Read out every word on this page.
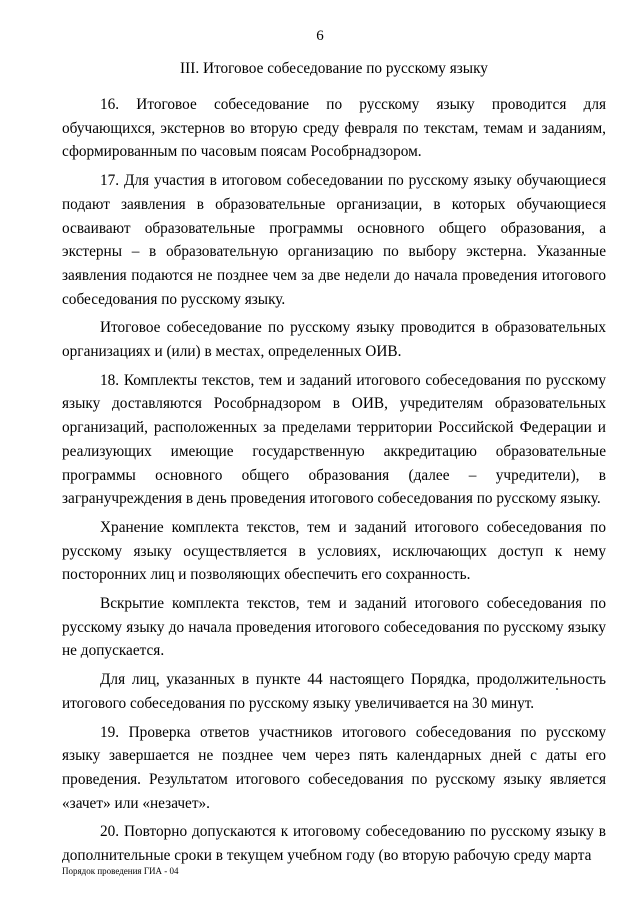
6
III. Итоговое собеседование по русскому языку

16. Итоговое собеседование по русскому языку проводится для обучающихся, экстернов во вторую среду февраля по текстам, темам и заданиям, сформированным по часовым поясам Рособрнадзором.

17. Для участия в итоговом собеседовании по русскому языку обучающиеся подают заявления в образовательные организации, в которых обучающиеся осваивают образовательные программы основного общего образования, а экстерны – в образовательную организацию по выбору экстерна. Указанные заявления подаются не позднее чем за две недели до начала проведения итогового собеседования по русскому языку.

Итоговое собеседование по русскому языку проводится в образовательных организациях и (или) в местах, определенных ОИВ.

18. Комплекты текстов, тем и заданий итогового собеседования по русскому языку доставляются Рособрнадзором в ОИВ, учредителям образовательных организаций, расположенных за пределами территории Российской Федерации и реализующих имеющие государственную аккредитацию образовательные программы основного общего образования (далее – учредители), в загранучреждения в день проведения итогового собеседования по русскому языку.

Хранение комплекта текстов, тем и заданий итогового собеседования по русскому языку осуществляется в условиях, исключающих доступ к нему посторонних лиц и позволяющих обеспечить его сохранность.

Вскрытие комплекта текстов, тем и заданий итогового собеседования по русскому языку до начала проведения итогового собеседования по русскому языку не допускается.

Для лиц, указанных в пункте 44 настоящего Порядка, продолжительность итогового собеседования по русскому языку увеличивается на 30 минут.

19. Проверка ответов участников итогового собеседования по русскому языку завершается не позднее чем через пять календарных дней с даты его проведения. Результатом итогового собеседования по русскому языку является «зачет» или «незачет».

20. Повторно допускаются к итоговому собеседованию по русскому языку в дополнительные сроки в текущем учебном году (во вторую рабочую среду марта

Порядок проведения ГИА - 04
